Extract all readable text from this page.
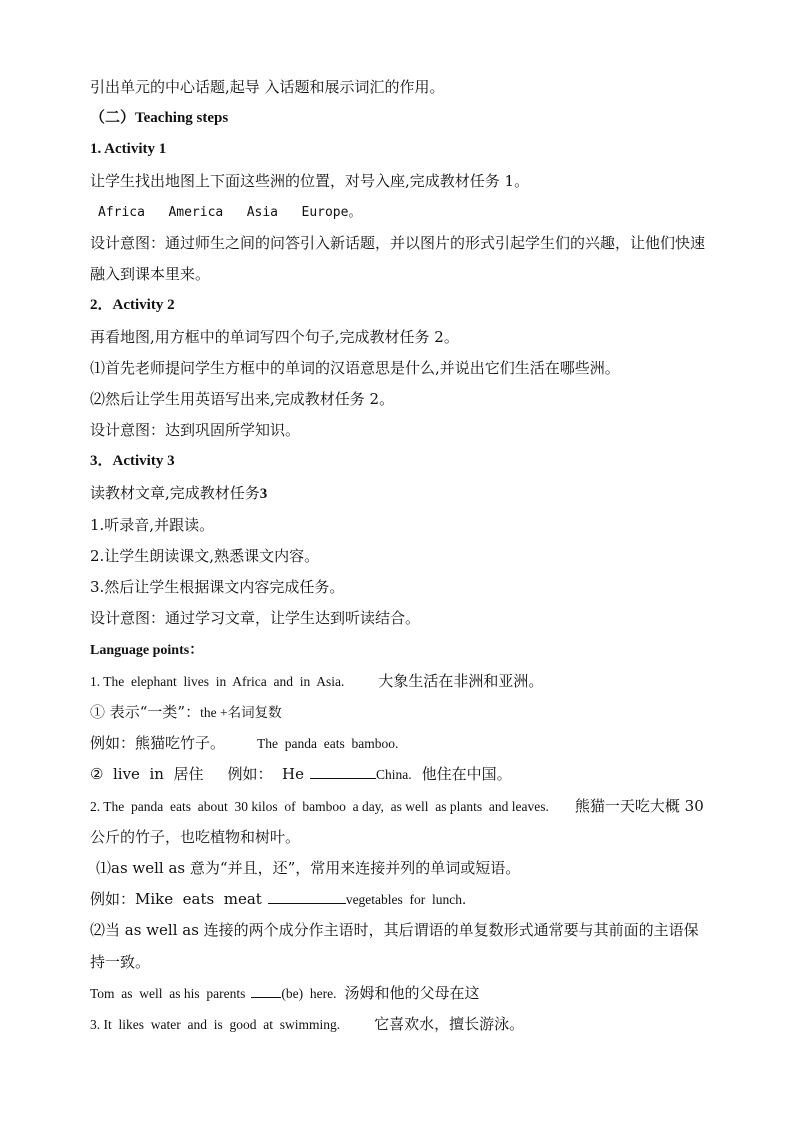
引出单元的中心话题,起导 入话题和展示词汇的作用。
（二）Teaching steps
1. Activity 1
让学生找出地图上下面这些洲的位置，对号入座,完成教材任务 1。
Africa   America   Asia   Europe。
设计意图：通过师生之间的问答引入新话题，并以图片的形式引起学生们的兴趣，让他们快速融入到课本里来。
2．Activity 2
再看地图,用方框中的单词写四个句子,完成教材任务 2。
⑴首先老师提问学生方框中的单词的汉语意思是什么,并说出它们生活在哪些洲。
⑵然后让学生用英语写出来,完成教材任务 2。
设计意图：达到巩固所学知识。
3．Activity 3
读教材文章,完成教材任务3
1.听录音,并跟读。
2.让学生朗读课文,熟悉课文内容。
3.然后让学生根据课文内容完成任务。
设计意图：通过学习文章，让学生达到听读结合。
Language points：
1. The  elephant  lives  in  Africa  and  in  Asia. 大象生活在非洲和亚洲。
① 表示“一类”：the +名词复数
例如：熊猫吃竹子。 The  panda  eats  bamboo.
②  live  in  居住 例如：  He	China. 他住在中国。
2. The  panda  eats  about  30 kilos  of  bamboo  a day,  as well  as plants  and leaves. 熊猫一天吃大概 30 公斤的竹子，也吃植物和树叶。
⑴as well as 意为“并且，还”，常用来连接并列的单词或短语。
例如：Mike  eats  meat	vegetables  for  lunch．
⑵当 as well as 连接的两个成分作主语时，其后谓语的单复数形式通常要与其前面的主语保持一致。
Tom  as  well  as his  parents	(be)  here. 汤姆和他的父母在这
3. It  likes  water  and  is  good  at  swimming. 它喜欢水，擅长游泳。
